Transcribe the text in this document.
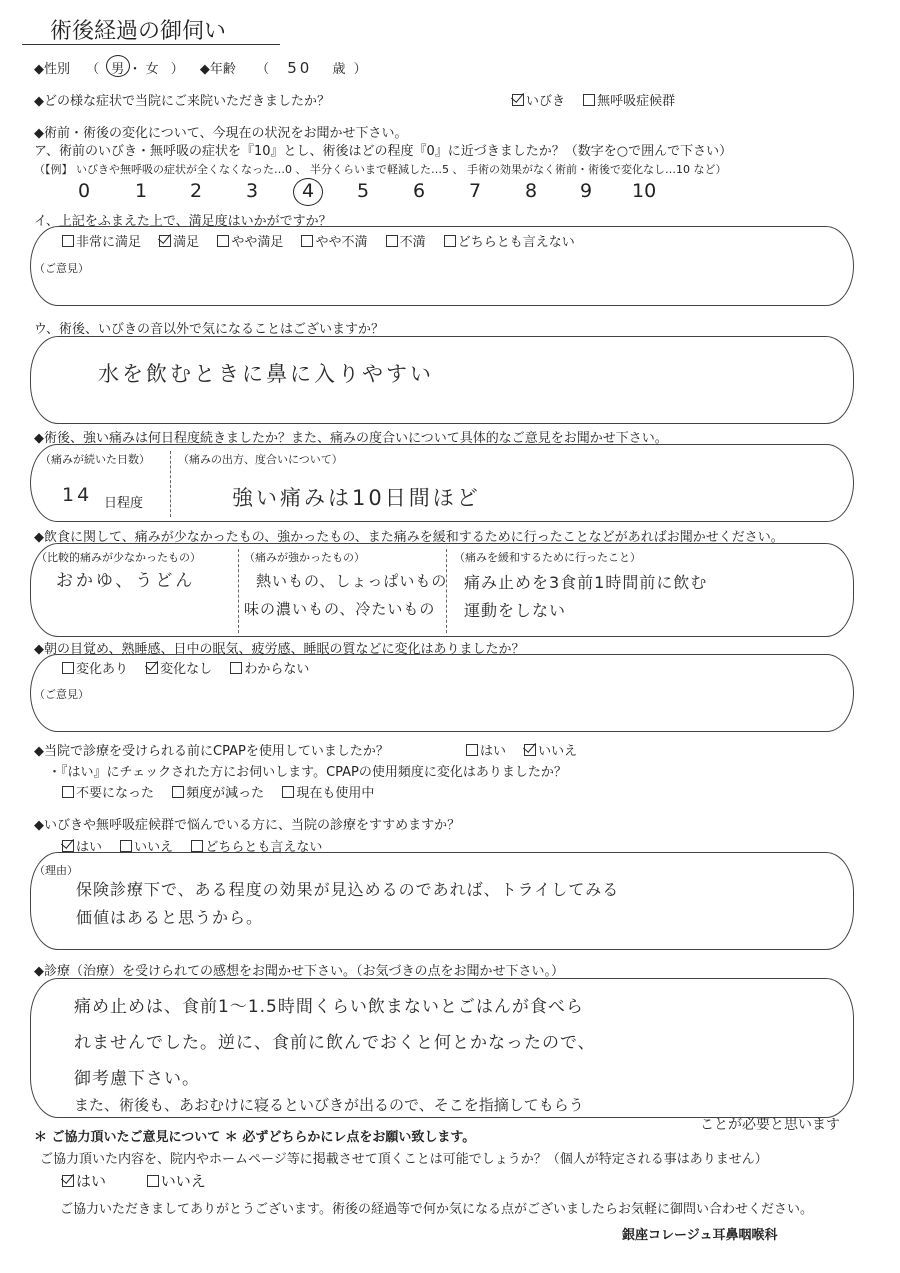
術後経過の御伺い
◆性別 （ 男 ・ 女 ） ◆年齢 （ 50 歳 ）
◆どの様な症状で当院にご来院いただきましたか？	いびき 無呼吸症候群
◆術前・術後の変化について、今現在の状況をお聞かせ下さい。
ア、術前のいびき・無呼吸の症状を『10』とし、術後はどの程度『0』に近づきましたか？（数字を○で囲んで下さい）
（【例】 いびきや無呼吸の症状が全くなくなった…0 、 半分くらいまで軽減した…5 、 手術の効果がなく術前・術後で変化なし…10 など）
0 1 2 3 4 5 6 7 8 9 10
イ、上記をふまえた上で、満足度はいかがですか？
非常に満足 満足 やや満足 やや不満 不満 どちらとも言えない
（ご意見）
ウ、術後、いびきの音以外で気になることはございますか？
水を飲むときに鼻に入りやすい
◆術後、強い痛みは何日程度続きましたか？また、痛みの度合いについて具体的なご意見をお聞かせ下さい。
（痛みが続いた日数）
14 日程度
（痛みの出方、度合いについて）
強い痛みは10日間ほど
◆飲食に関して、痛みが少なかったもの、強かったもの、また痛みを緩和するために行ったことなどがあればお聞かせください。
（比較的痛みが少なかったもの）
おかゆ、うどん
（痛みが強かったもの）
熱いもの、しょっぱいもの
味の濃いもの、冷たいもの
（痛みを緩和するために行ったこと）
痛み止めを3食前1時間前に飲む
運動をしない
◆朝の目覚め、熟睡感、日中の眠気、疲労感、睡眠の質などに変化はありましたか？
変化あり 変化なし わからない
（ご意見）
◆当院で診療を受けられる前にCPAPを使用していましたか？	はい いいえ
・『はい』にチェックされた方にお伺いします。CPAPの使用頻度に変化はありましたか？
不要になった 頻度が減った 現在も使用中
◆いびきや無呼吸症候群で悩んでいる方に、当院の診療をすすめますか？
はい いいえ どちらとも言えない
（理由）
保険診療下で、ある程度の効果が見込めるのであれば、トライしてみる
価値はあると思うから。
◆診療（治療）を受けられての感想をお聞かせ下さい。（お気づきの点をお聞かせ下さい。）
痛め止めは、食前1〜1.5時間くらい飲まないとごはんが食べら
れませんでした。逆に、食前に飲んでおくと何とかなったので、
御考慮下さい。
また、術後も、あおむけに寝るといびきが出るので、そこを指摘してもらう
ことが必要と思います
＊ ご協力頂いたご意見について ＊ 必ずどちらかにレ点をお願い致します。
ご協力頂いた内容を、院内やホームページ等に掲載させて頂くことは可能でしょうか？（個人が特定される事はありません）
はい	いいえ
ご協力いただきましてありがとうございます。術後の経過等で何か気になる点がございましたらお気軽に御問い合わせください。
銀座コレージュ耳鼻咽喉科
